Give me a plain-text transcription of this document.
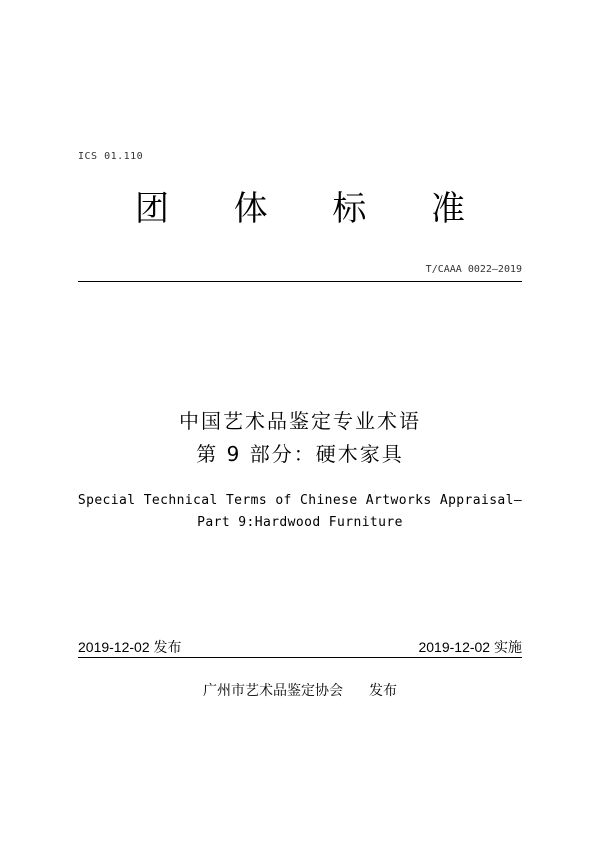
ICS 01.110
团 体 标 准
T/CAAA 0022—2019
中国艺术品鉴定专业术语
第 9 部分：硬木家具
Special Technical Terms of Chinese Artworks Appraisal—
Part 9:Hardwood Furniture
2019-12-02 发布	2019-12-02 实施
广州市艺术品鉴定协会 发布
